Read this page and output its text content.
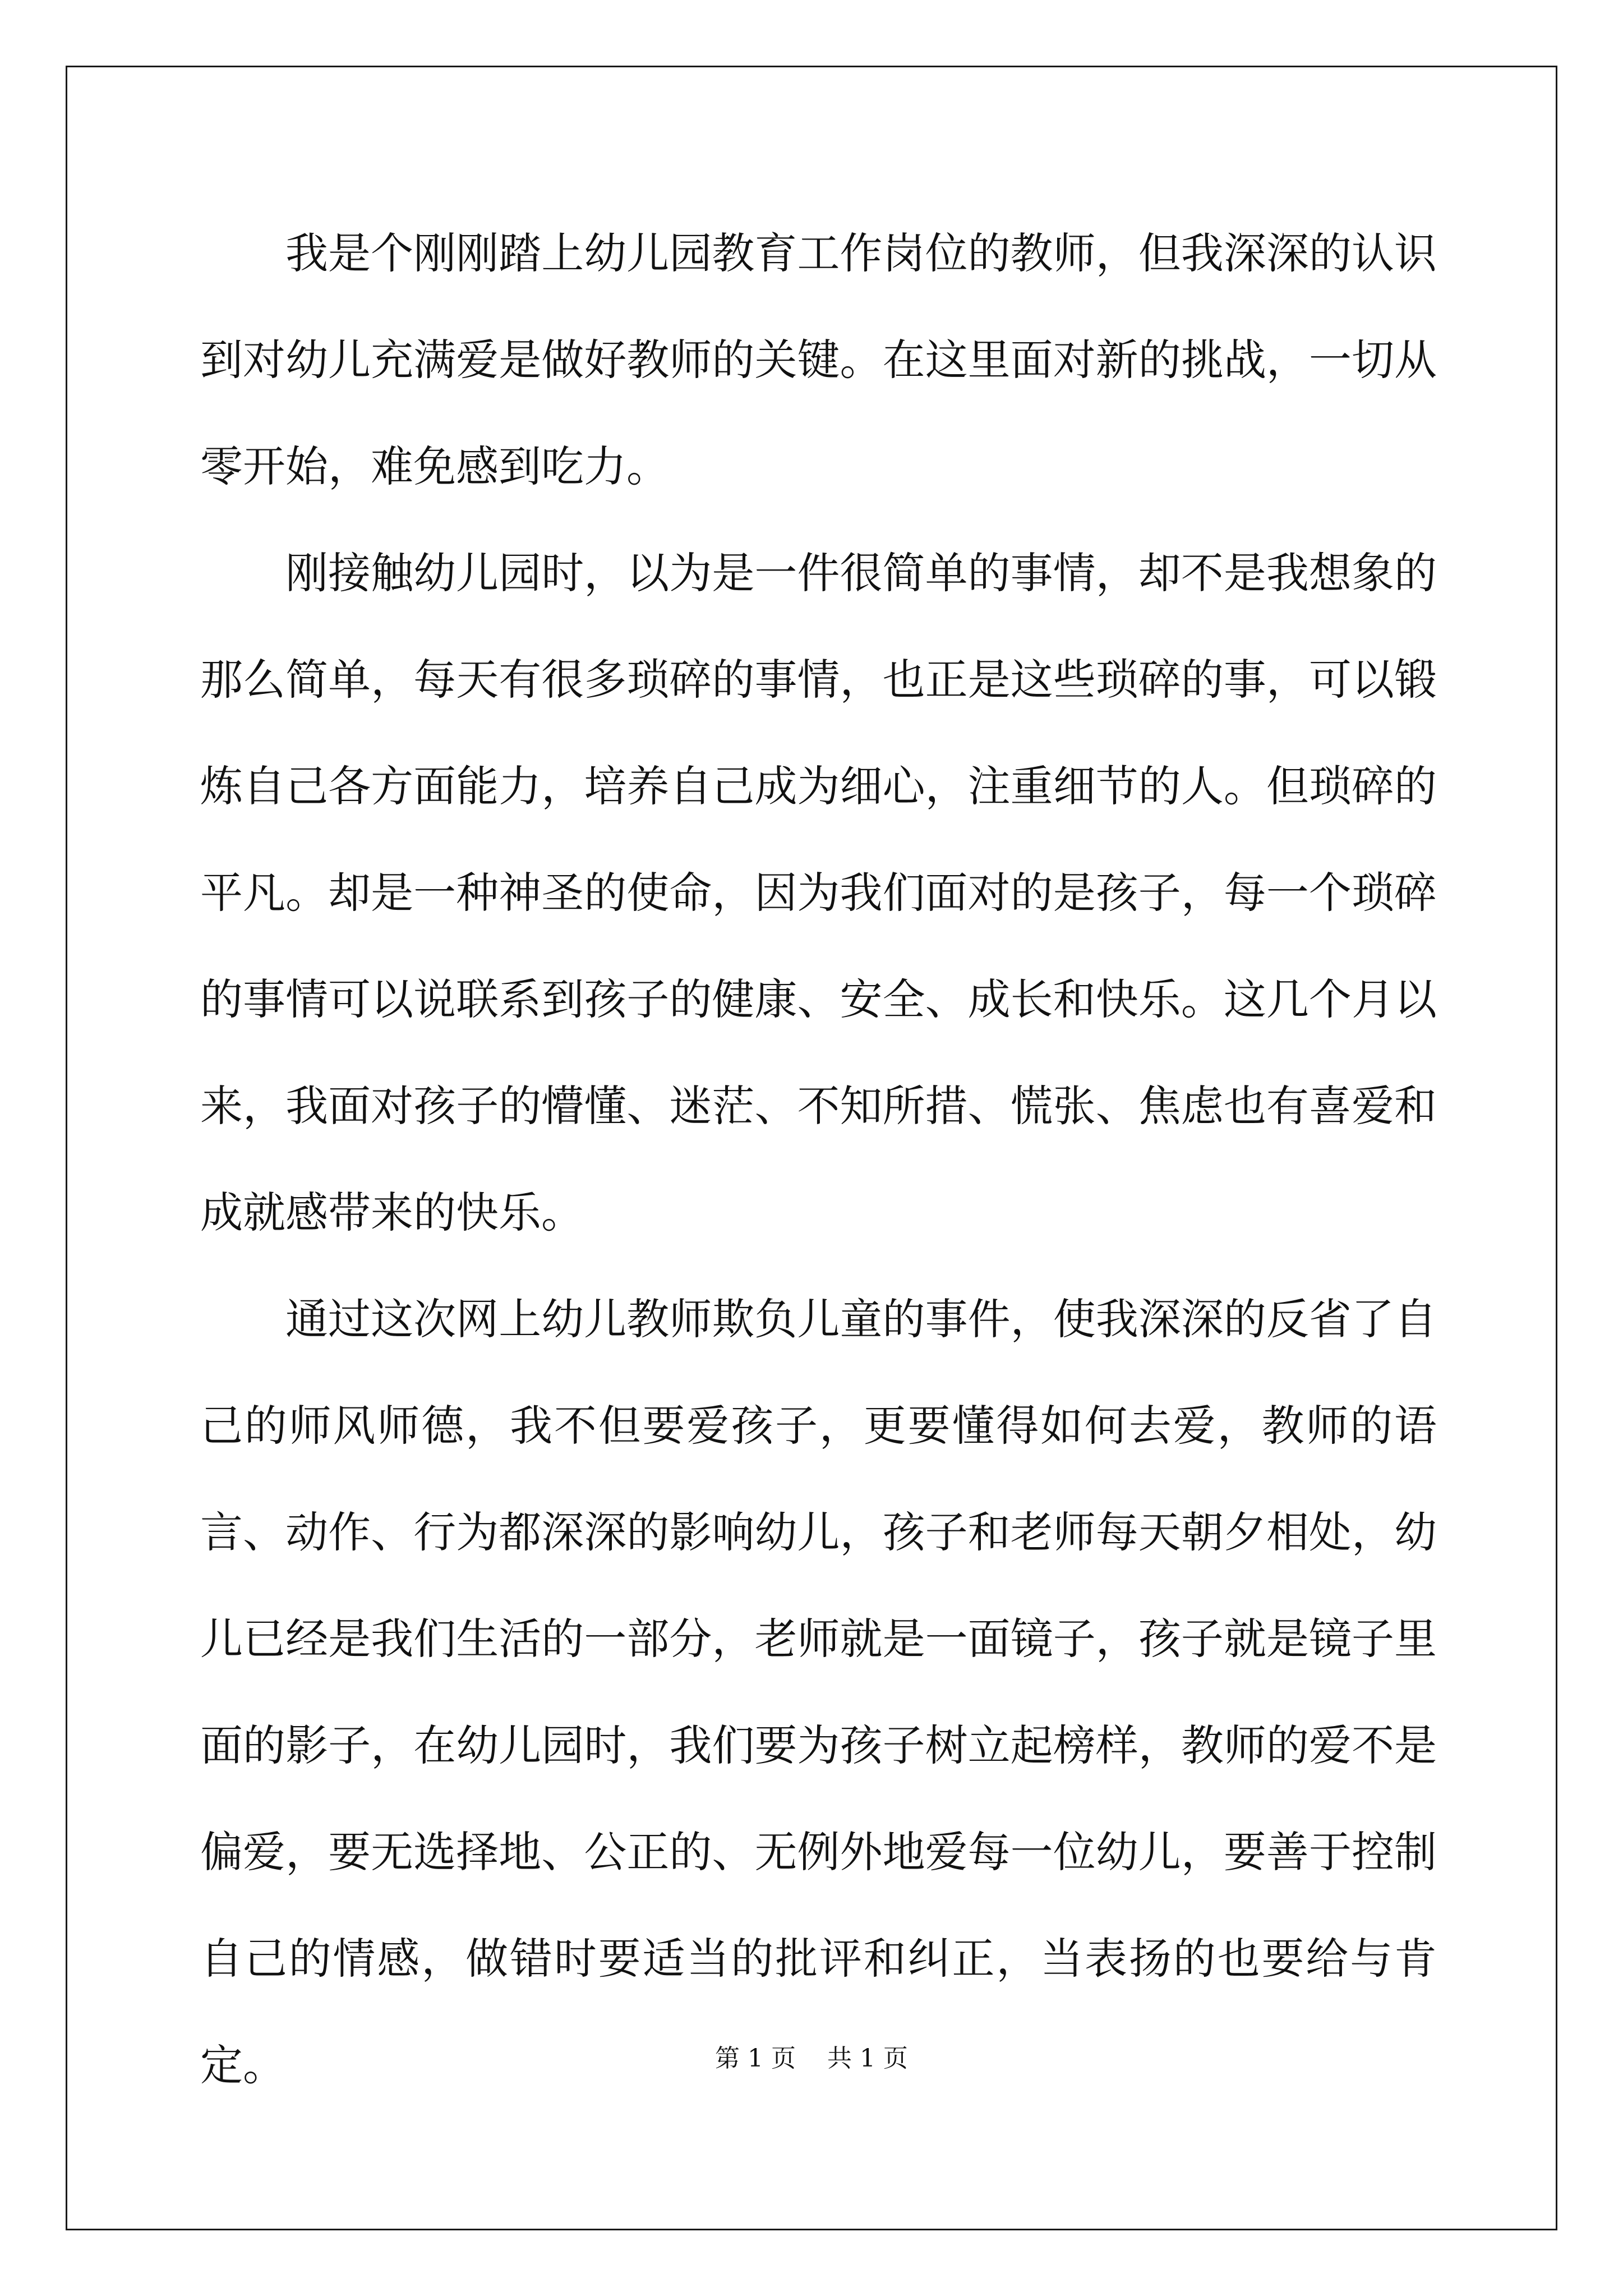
我是个刚刚踏上幼儿园教育工作岗位的教师，但我深深的认识到对幼儿充满爱是做好教师的关键。在这里面对新的挑战，一切从零开始，难免感到吃力。

刚接触幼儿园时，以为是一件很简单的事情，却不是我想象的那么简单，每天有很多琐碎的事情，也正是这些琐碎的事，可以锻炼自己各方面能力，培养自己成为细心，注重细节的人。但琐碎的平凡。却是一种神圣的使命，因为我们面对的是孩子，每一个琐碎的事情可以说联系到孩子的健康、安全、成长和快乐。这几个月以来，我面对孩子的懵懂、迷茫、不知所措、慌张、焦虑也有喜爱和成就感带来的快乐。

通过这次网上幼儿教师欺负儿童的事件，使我深深的反省了自己的师风师德，我不但要爱孩子，更要懂得如何去爱，教师的语言、动作、行为都深深的影响幼儿，孩子和老师每天朝夕相处，幼儿已经是我们生活的一部分，老师就是一面镜子，孩子就是镜子里面的影子，在幼儿园时，我们要为孩子树立起榜样，教师的爱不是偏爱，要无选择地、公正的、无例外地爱每一位幼儿，要善于控制自己的情感，做错时要适当的批评和纠正，当表扬的也要给与肯定。	第 1 页    共 1 页
